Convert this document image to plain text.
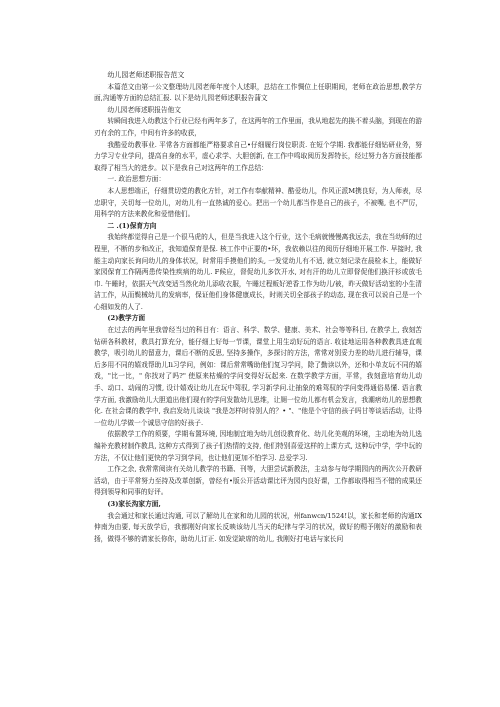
幼儿园老师述职报告范文

本篇范文由第一公文整理幼儿园老师年度个人述职，总结在工作惆位上任职期间，老师在政治思想,教学方面,沟通等方面的总结汇报. 以下是幼儿园老师述职报告蒲文

幼儿园老师述职报告他文

转瞬间我进入幼教这个行业已经有两年多了，在这两年的工作里面，我从地起先的换不着头脑，到现在的游刃有余的工作，中间有许多的收获，

我酷爱幼教事业. 平常各方面都能严格要求自己•仔细履行岗位职责. 在短个学期. 我都能仔细钻研业务，努力学习专业学问，提高自身的水平，虚心求学、大胆创新, 在工作中鸣取阅历发挥特长，经过努力各方面技能都取得了相当大的进步。以下是我自己对这两年的工作总结：

一. 政治思想方面：

本人思想端正，仔细贯切党的教化方针，对工作有奉献精神、酷爱幼儿，作风正派M携良好，为人师表，尽忠职守，关切每一位幼儿，对幼儿有一直热诚的爱心。把出一个幼儿都当作是自己的孩子，不被嘴, 也不严厉，用科学的方法来教化和爱惜他们。

二 .(1)保育方向

我始终都觉得自己是一个很马虎的人，但是当我进入这个行业，这个毛病就慢慢离我远去，我在当幼师的过程里，不断的步和改正，我知道保育是保. 核工作中正要的•环，我依赖以往的阅历仔细地开展工作. 早接时, 我能主动向家长询问幼儿的身体状况，时常用手摸他们的头, 一发觉幼儿有不适, 就立刻记录在晨检本上，能做好家园保育工作隔两患传染性疾病的幼儿. F候应，督促幼儿多饮开水, 对有汗的幼儿立即督促他们换汗衫或放毛巾. 午睡时，依据天气改变适当然化幼儿添收衣服，午睡过程贩好逆香工作为幼儿/被，昨天做好活动室的小生清洁工作，从而鬓械幼儿的发病率，保证他们身体健康成长，时则关切全部孩子的动态, 现在我可以说自己是一个心细如发的人了.

(2)教学方面

在过去的两年里我曾经当过的科目有：语言、科学、数学、健康、美术、社会等等科目, 在教学上, 我刻苦钻研各科教材，教具打算充分，能仔细上好每一节课，课堂上用生动好玩的语言. 收徒地运用各种教教具进直观教学，吸引幼儿的留意力，课后不断的反思, 坚持多操作，多探讨的方法，常常对别妥力差的幼儿进行辅导，课后多用不同的嬉戏帮助儿Ii习学问，例如：课后常常嘴助他们复习学问，除了勤读以外，还和小单友玩不同的嬉戏，"比一比，" 你找对了吗?" 使原来枯燥的学问变得好玩起来. 在数学教学方面，平常，我刻意培育幼儿动手、动口、动闹的习惯, 设计嬉戏让幼儿在玩中驾驭, 学习新学问.让抽象的难驾驭的学问变得通俗易懂. 语言教学方面, 我激励幼儿大胆道出他们现有的学问发散幼儿思维，让厕一位幼儿都有机会发言，我潮痞幼儿的思想教化. 在社会课的教学中, 我启发幼儿谈谈 "我是怎样时待别人的？• "、"他是个守信的孩子吗甘等谈话活动，让得一位幼儿学做一个诚恳守信的好孩子.

依据教学工作的须要，学期布置环境, 因地制宜地为幼儿创设教育化、幼儿化美观的环境，主动地为幼儿选编补充教材制作教具, 这种方式得到了孩子们热情的支持, 他们特别喜爱这样的上课方式, 这种玩中学，学中玩的方法，不仅让他们更快的学习到学问，也让他们更加不怕学习. 总爱学习.

工作之余, 我常常阅读有关幼儿教学的书籍、刊等，大胆尝试新教法，主动参与每学期园内的两次公开教研活动，由于平常努力至持及改革创新，曾经有•版公开活动课比评为园内良好课，工作都取得相当不错的成果还得到领导和同事的好评。

(3)家长沟家方面,

我会通过和家长通过沟通, 可以了解幼儿在家和幼儿园的状况，州fanwcn/1524!以，家长和老师的沟通IX伸南为由要, 每天放学后，我都刚好向家长反映该幼儿当天的纪律与学习的状况，做好的赐予刚好的激励和表扬，做得不够的请家长你你，助幼儿订正. 如发觉缺席的幼儿, 我刚好打电话与家长问
